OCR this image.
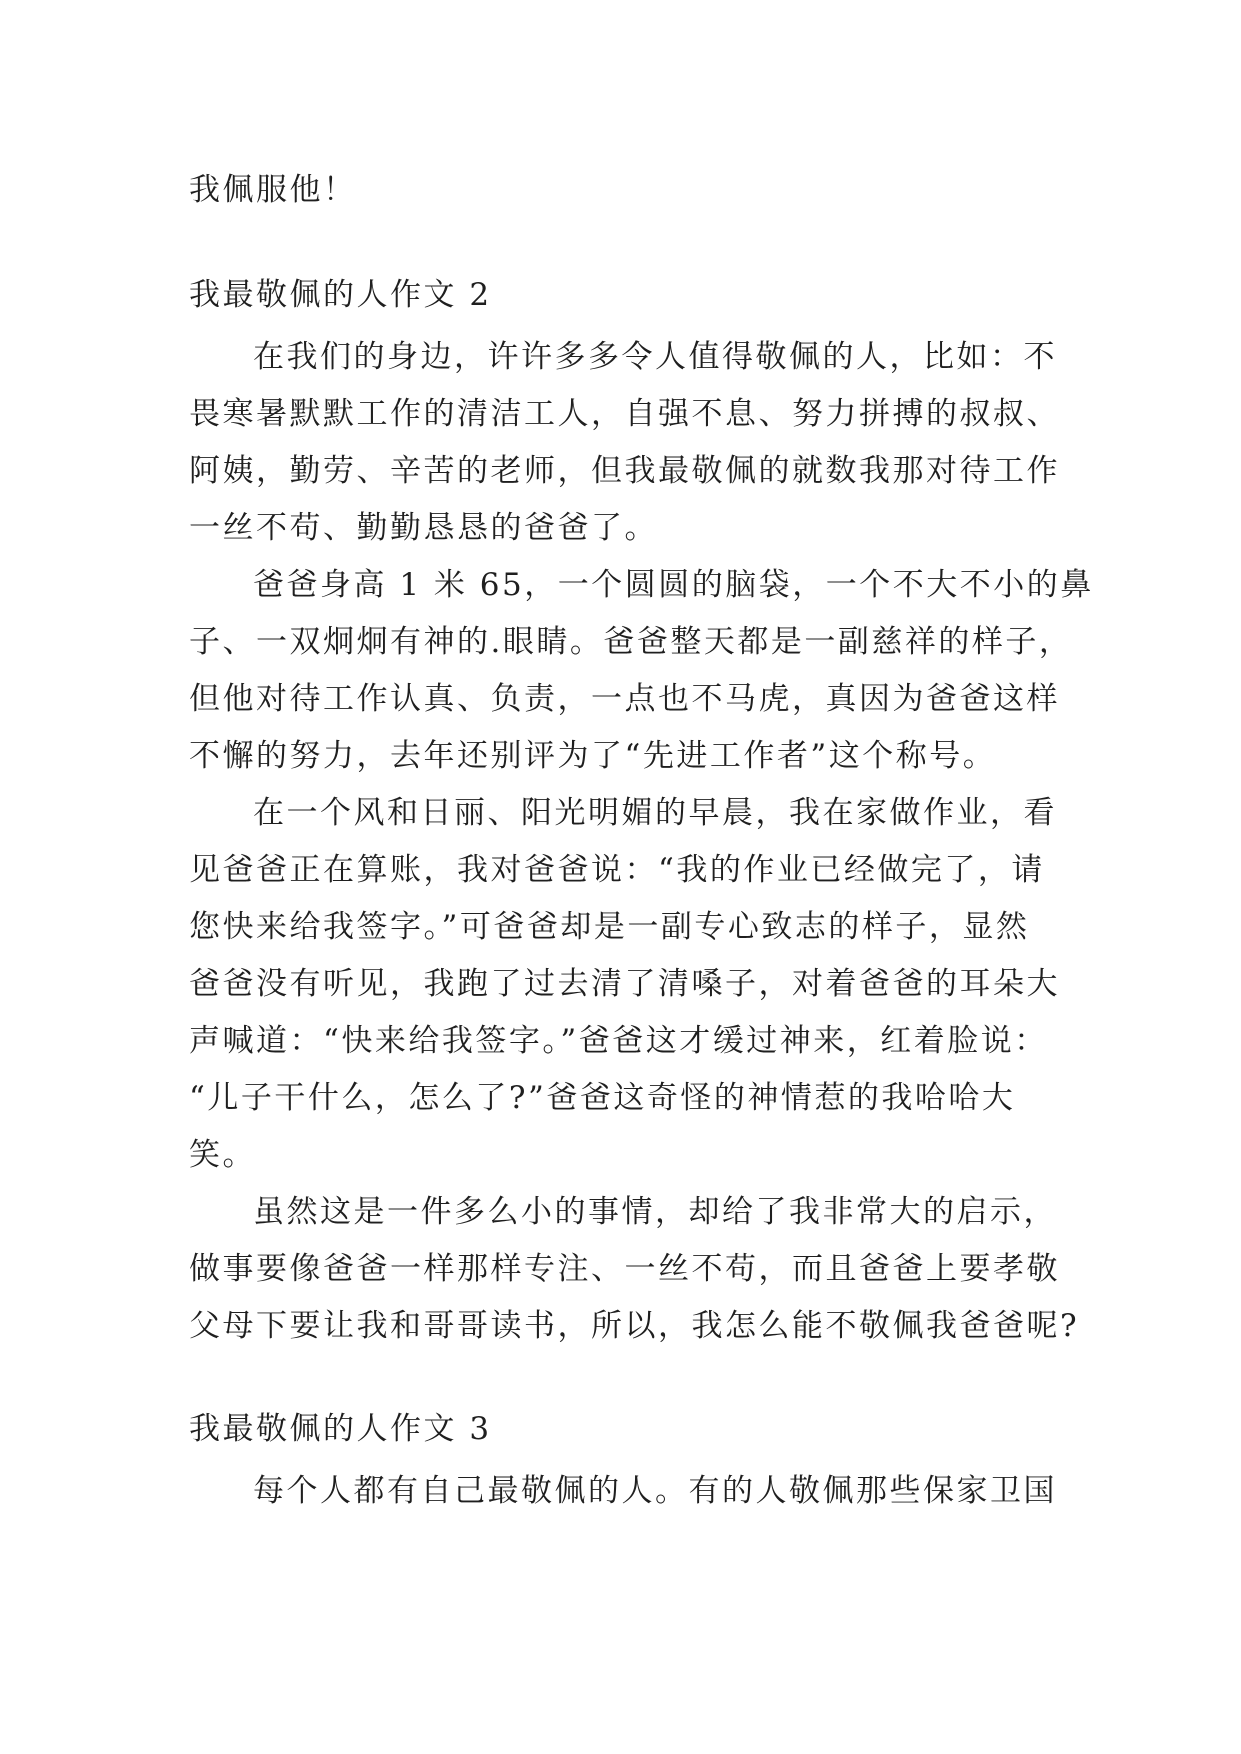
我佩服他！
我最敬佩的人作文 2
在我们的身边，许许多多令人值得敬佩的人，比如：不
畏寒暑默默工作的清洁工人，自强不息、努力拼搏的叔叔、
阿姨，勤劳、辛苦的老师，但我最敬佩的就数我那对待工作
一丝不苟、勤勤恳恳的爸爸了。
爸爸身高 1 米 65，一个圆圆的脑袋，一个不大不小的鼻
子、一双炯炯有神的.眼睛。爸爸整天都是一副慈祥的样子，
但他对待工作认真、负责，一点也不马虎，真因为爸爸这样
不懈的努力，去年还别评为了“先进工作者”这个称号。
在一个风和日丽、阳光明媚的早晨，我在家做作业，看
见爸爸正在算账，我对爸爸说：“我的作业已经做完了，请
您快来给我签字。”可爸爸却是一副专心致志的样子，显然
爸爸没有听见，我跑了过去清了清嗓子，对着爸爸的耳朵大
声喊道：“快来给我签字。”爸爸这才缓过神来，红着脸说：
“儿子干什么，怎么了?”爸爸这奇怪的神情惹的我哈哈大
笑。
虽然这是一件多么小的事情，却给了我非常大的启示，
做事要像爸爸一样那样专注、一丝不苟，而且爸爸上要孝敬
父母下要让我和哥哥读书，所以，我怎么能不敬佩我爸爸呢?
我最敬佩的人作文 3
每个人都有自己最敬佩的人。有的人敬佩那些保家卫国
